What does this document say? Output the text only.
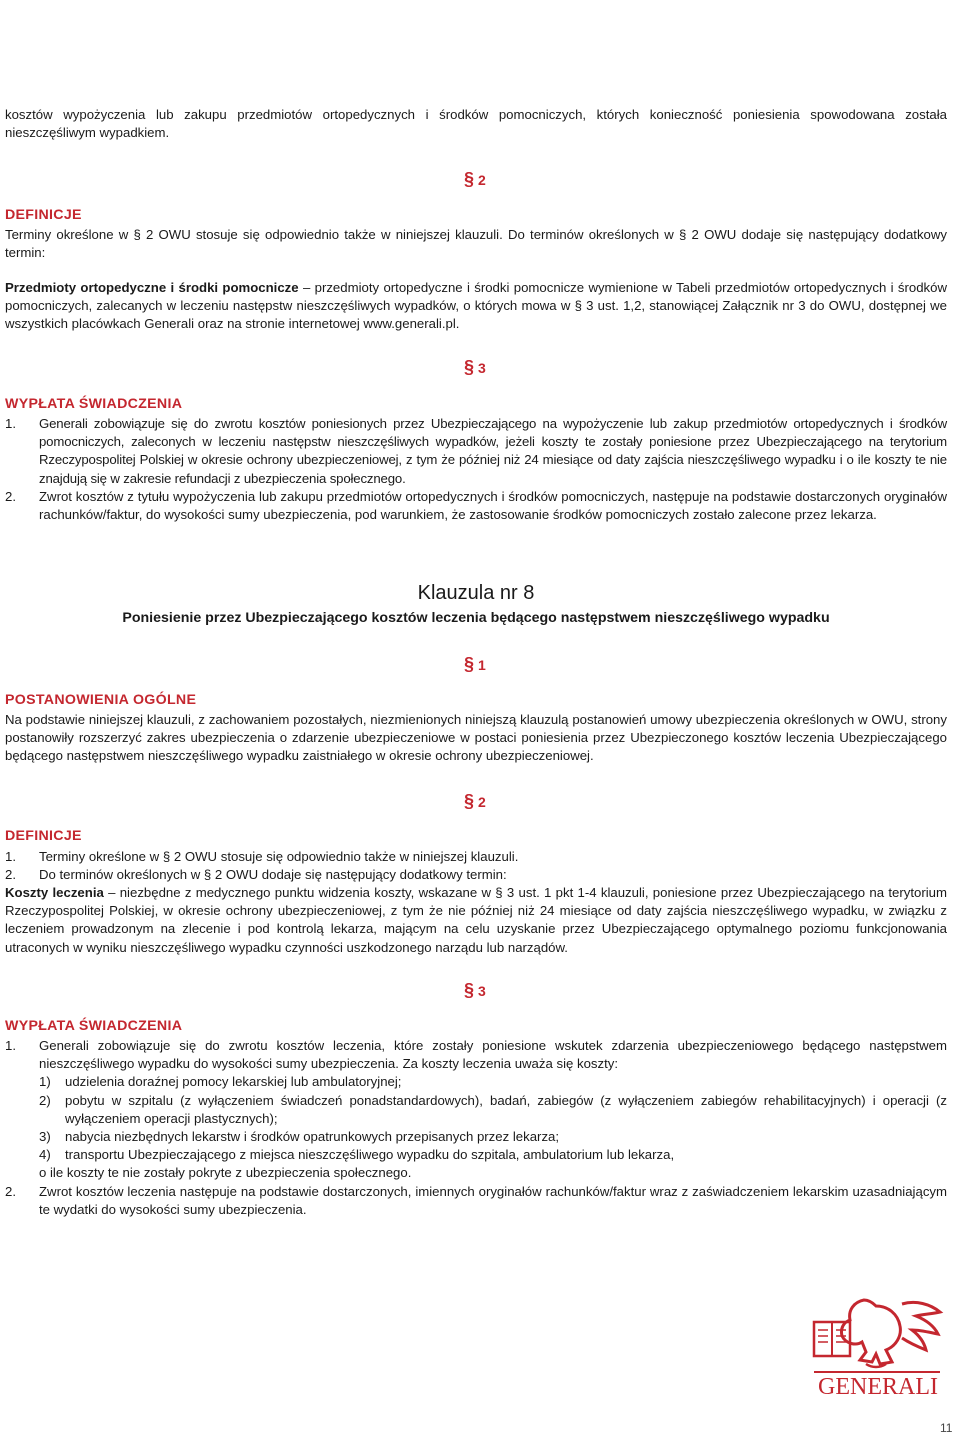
kosztów wypożyczenia lub zakupu przedmiotów ortopedycznych i środków pomocniczych, których konieczność poniesienia spowodowana została nieszczęśliwym wypadkiem.
§ 2
DEFINICJE
Terminy określone w § 2 OWU stosuje się odpowiednio także w niniejszej klauzuli. Do terminów określonych w § 2 OWU dodaje się następujący dodatkowy termin:
Przedmioty ortopedyczne i środki pomocnicze – przedmioty ortopedyczne i środki pomocnicze wymienione w Tabeli przedmiotów ortopedycznych i środków pomocniczych, zalecanych w leczeniu następstw nieszczęśliwych wypadków, o których mowa w § 3 ust. 1,2, stanowiącej Załącznik nr 3 do OWU, dostępnej we wszystkich placówkach Generali oraz na stronie internetowej www.generali.pl.
§ 3
WYPŁATA ŚWIADCZENIA
1.	Generali zobowiązuje się do zwrotu kosztów poniesionych przez Ubezpieczającego na wypożyczenie lub zakup przedmiotów ortopedycznych i środków pomocniczych, zaleconych w leczeniu następstw nieszczęśliwych wypadków, jeżeli koszty te zostały poniesione przez Ubezpieczającego na terytorium Rzeczypospolitej Polskiej w okresie ochrony ubezpieczeniowej, z tym że później niż 24 miesiące od daty zajścia nieszczęśliwego wypadku i o ile koszty te nie znajdują się w zakresie refundacji z ubezpieczenia społecznego.
2.	Zwrot kosztów z tytułu wypożyczenia lub zakupu przedmiotów ortopedycznych i środków pomocniczych, następuje na podstawie dostarczonych oryginałów rachunków/faktur, do wysokości sumy ubezpieczenia, pod warunkiem, że zastosowanie środków pomocniczych zostało zalecone przez lekarza.
Klauzula nr 8
Poniesienie przez Ubezpieczającego kosztów leczenia będącego następstwem nieszczęśliwego wypadku
§ 1
POSTANOWIENIA OGÓLNE
Na podstawie niniejszej klauzuli, z zachowaniem pozostałych, niezmienionych niniejszą klauzulą postanowień umowy ubezpieczenia określonych w OWU, strony postanowiły rozszerzyć zakres ubezpieczenia o zdarzenie ubezpieczeniowe w postaci poniesienia przez Ubezpieczonego kosztów leczenia Ubezpieczającego będącego następstwem nieszczęśliwego wypadku zaistniałego w okresie ochrony ubezpieczeniowej.
§ 2
DEFINICJE
1.	Terminy określone w § 2 OWU stosuje się odpowiednio także w niniejszej klauzuli.
2.	Do terminów określonych w § 2 OWU dodaje się następujący dodatkowy termin:
Koszty leczenia – niezbędne z medycznego punktu widzenia koszty, wskazane w § 3 ust. 1 pkt 1-4 klauzuli, poniesione przez Ubezpieczającego na terytorium Rzeczypospolitej Polskiej, w okresie ochrony ubezpieczeniowej, z tym że nie później niż 24 miesiące od daty zajścia nieszczęśliwego wypadku, w związku z leczeniem prowadzonym na zlecenie i pod kontrolą lekarza, mającym na celu uzyskanie przez Ubezpieczającego optymalnego poziomu funkcjonowania utraconych w wyniku nieszczęśliwego wypadku czynności uszkodzonego narządu lub narządów.
§ 3
WYPŁATA ŚWIADCZENIA
1.	Generali zobowiązuje się do zwrotu kosztów leczenia, które zostały poniesione wskutek zdarzenia ubezpieczeniowego będącego następstwem nieszczęśliwego wypadku do wysokości sumy ubezpieczenia. Za koszty leczenia uważa się koszty:
1)	udzielenia doraźnej pomocy lekarskiej lub ambulatoryjnej;
2)	pobytu w szpitalu (z wyłączeniem świadczeń ponadstandardowych), badań, zabiegów (z wyłączeniem zabiegów rehabilitacyjnych) i operacji (z wyłączeniem operacji plastycznych);
3)	nabycia niezbędnych lekarstw i środków opatrunkowych przepisanych przez lekarza;
4)	transportu Ubezpieczającego z miejsca nieszczęśliwego wypadku do szpitala, ambulatorium lub lekarza,
o ile koszty te nie zostały pokryte z ubezpieczenia społecznego.
2.	Zwrot kosztów leczenia następuje na podstawie dostarczonych, imiennych oryginałów rachunków/faktur wraz z zaświadczeniem lekarskim uzasadniającym te wydatki do wysokości sumy ubezpieczenia.
GENERALI
11
